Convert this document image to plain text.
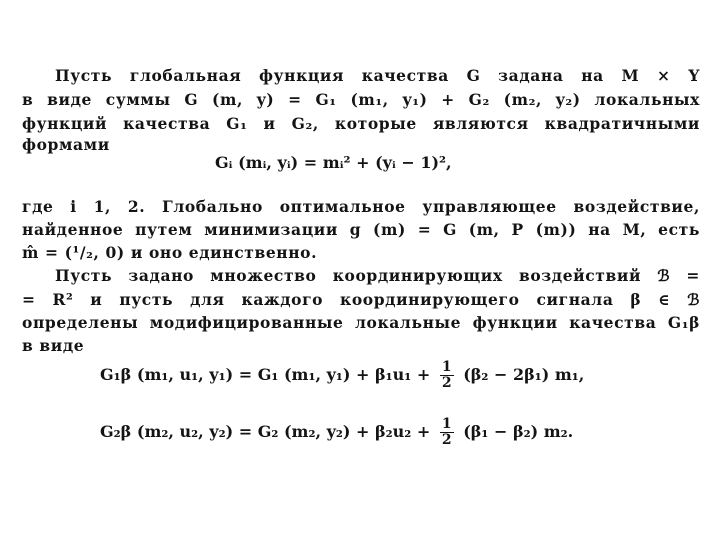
Пусть глобальная функция качества G задана на M × Y
в виде суммы G (m, y) = G₁ (m₁, y₁) + G₂ (m₂, y₂) локальных
функций качества G₁ и G₂, которые являются квадратичными
формами
Gᵢ (mᵢ, yᵢ) = mᵢ² + (yᵢ − 1)²,
где i 1, 2. Глобально оптимальное управляющее воздействие,
найденное путем минимизации g (m) = G (m, P (m)) на M, есть
m̂ = (¹/₂, 0) и оно единственно.
Пусть задано множество координирующих воздействий ℬ =
= R² и пусть для каждого координирующего сигнала β ∈ ℬ
определены модифицированные локальные функции качества G₁β
в виде
G₁β (m₁, u₁, y₁) = G₁ (m₁, $y_1) + \beta_1u_1 + \frac{1}{2} (\beta_2 - 2\beta_1)$ m₁,
G₂β (m₂, u₂, y₂) = G₂ (m₂, $y_2) + \beta_2u_2 + \frac{1}{2} (\beta_1 - \beta_2)$ m₂.
